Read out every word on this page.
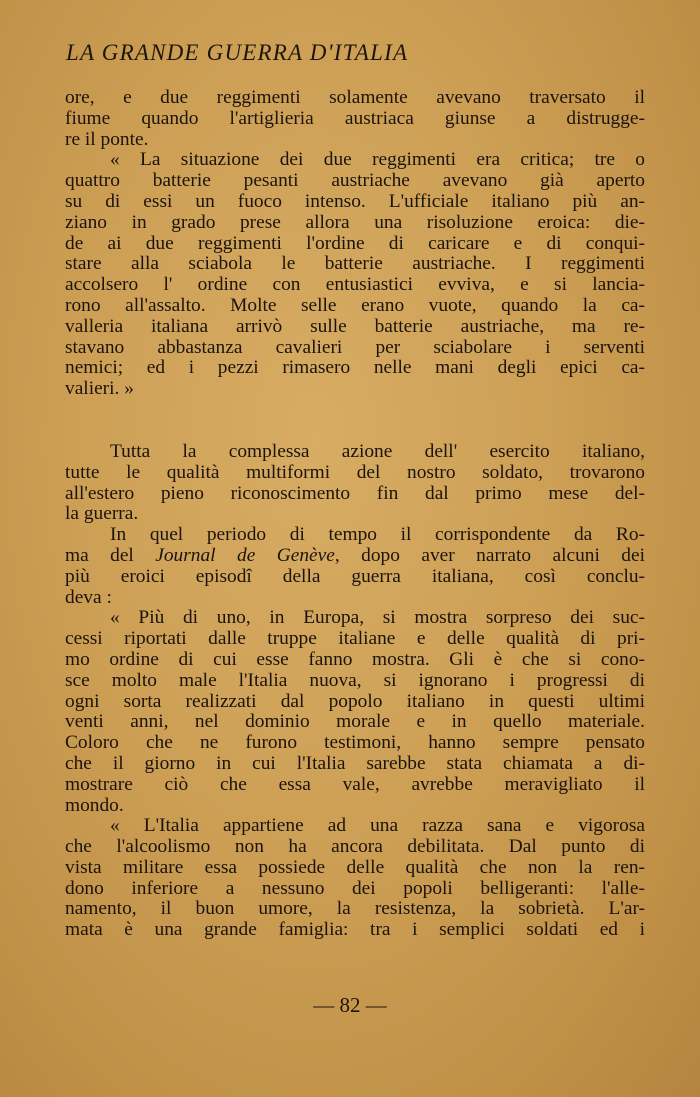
LA GRANDE GUERRA D'ITALIA

ore, e due reggimenti solamente avevano traversato il

fiume quando l'artiglieria austriaca giunse a distrugge-

re il ponte.

« La situazione dei due reggimenti era critica; tre o

quattro batterie pesanti austriache avevano già aperto

su di essi un fuoco intenso. L'ufficiale italiano più an-

ziano in grado prese allora una risoluzione eroica: die-

de ai due reggimenti l'ordine di caricare e di conqui-

stare alla sciabola le batterie austriache. I reggimenti

accolsero l' ordine con entusiastici evviva, e si lancia-

rono all'assalto. Molte selle erano vuote, quando la ca-

valleria italiana arrivò sulle batterie austriache, ma re-

stavano abbastanza cavalieri per sciabolare i serventi

nemici; ed i pezzi rimasero nelle mani degli epici ca-

valieri. »

Tutta la complessa azione dell' esercito italiano,

tutte le qualità multiformi del nostro soldato, trovarono

all'estero pieno riconoscimento fin dal primo mese del-

la guerra.

In quel periodo di tempo il corrispondente da Ro-

ma del Journal de Genève, dopo aver narrato alcuni dei

più eroici episodî della guerra italiana, così conclu-

deva :

« Più di uno, in Europa, si mostra sorpreso dei suc-

cessi riportati dalle truppe italiane e delle qualità di pri-

mo ordine di cui esse fanno mostra. Gli è che si cono-

sce molto male l'Italia nuova, si ignorano i progressi di

ogni sorta realizzati dal popolo italiano in questi ultimi

venti anni, nel dominio morale e in quello materiale.

Coloro che ne furono testimoni, hanno sempre pensato

che il giorno in cui l'Italia sarebbe stata chiamata a di-

mostrare ciò che essa vale, avrebbe meravigliato il

mondo.

« L'Italia appartiene ad una razza sana e vigorosa

che l'alcoolismo non ha ancora debilitata. Dal punto di

vista militare essa possiede delle qualità che non la ren-

dono inferiore a nessuno dei popoli belligeranti: l'alle-

namento, il buon umore, la resistenza, la sobrietà. L'ar-

mata è una grande famiglia: tra i semplici soldati ed i

— 82 —
